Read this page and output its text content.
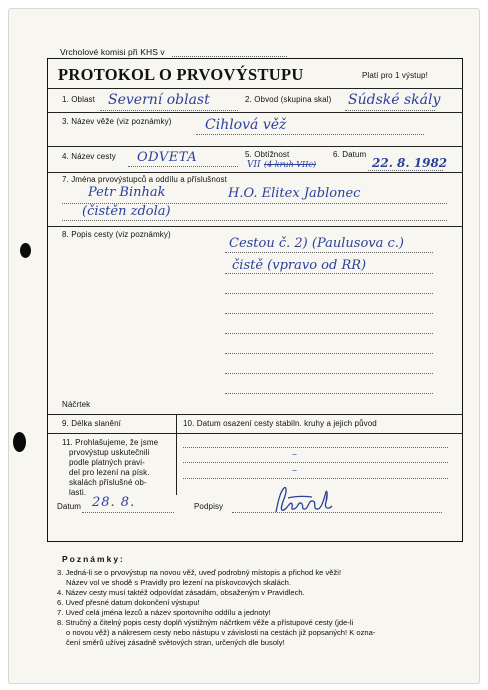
Vrcholové komisi při KHS v
PROTOKOL O PRVOVÝSTUPU	Platí pro 1 výstup!
1. Oblast Severní oblast	2. Obvod (skupina skal) Súdské skály
3. Název věže (viz poznámky) Cihlová věž
4. Název cesty ODVETA	5. Obtížnost
VII (4 kruh VIIc)
6. Datum
22. 8. 1982
7. Jména prvovýstupců a oddílu a příslušnost
Petr Binhak	H.O. Elitex Jablonec
(čistěn zdola)
8. Popis cesty (viz poznámky)
Cestou č. 2) (Paulusova c.)
čistě (vpravo od RR)
Náčrtek
9. Délka slanění	10. Datum osazení cesty stabiln. kruhy a jejich původ
11. Prohlašujeme, že jsme
prvovýstup uskutečnili
podle platných pravi-
del pro lezení na písk.
skalách příslušné ob-
lasti.
–
–
Datum 28. 8.	Podpisy
Poznámky:
3. Jedná-li se o prvovýstup na novou věž, uveď podrobný místopis a přichod ke věži!
Název vol ve shodě s Pravidly pro lezení na pískovcových skalách.
4. Název cesty musí taktéž odpovídat zásadám, obsaženým v Pravidlech.
6. Uveď přesné datum dokončení výstupu!
7. Uveď celá jména lezců a název sportovního oddílu a jednoty!
8. Stručný a čitelný popis cesty doplň výstižným náčrtkem věže a přístupové cesty (jde-li
o novou věž) a nákresem cesty nebo nástupu v závislosti na cestách již popsaných! K ozna-
čení směrů užívej zásadně světových stran, určených dle busoly!
